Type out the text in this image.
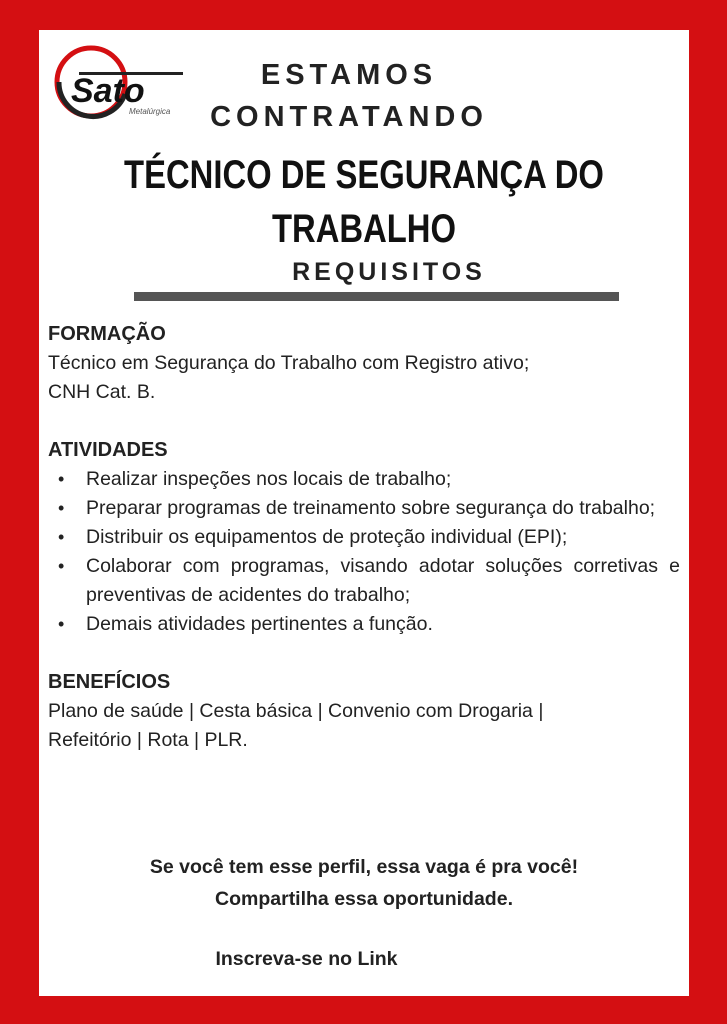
Sato
Metalúrgica
ESTAMOS
CONTRATANDO
TÉCNICO DE SEGURANÇA DO
TRABALHO
REQUISITOS
FORMAÇÃO

Técnico em Segurança do Trabalho com Registro ativo;

CNH Cat. B.

ATIVIDADES
• Realizar inspeções nos locais de trabalho;
• Preparar programas de treinamento sobre segurança do trabalho;
• Distribuir os equipamentos de proteção individual (EPI);
• Colaborar com programas, visando adotar soluções corretivas e preventivas de acidentes do trabalho;
• Demais atividades pertinentes a função.
BENEFÍCIOS

Plano de saúde | Cesta básica | Convenio com Drogaria |

Refeitório | Rota | PLR.

Se você tem esse perfil, essa vaga é pra você!
Compartilha essa oportunidade.
Inscreva-se no Link
